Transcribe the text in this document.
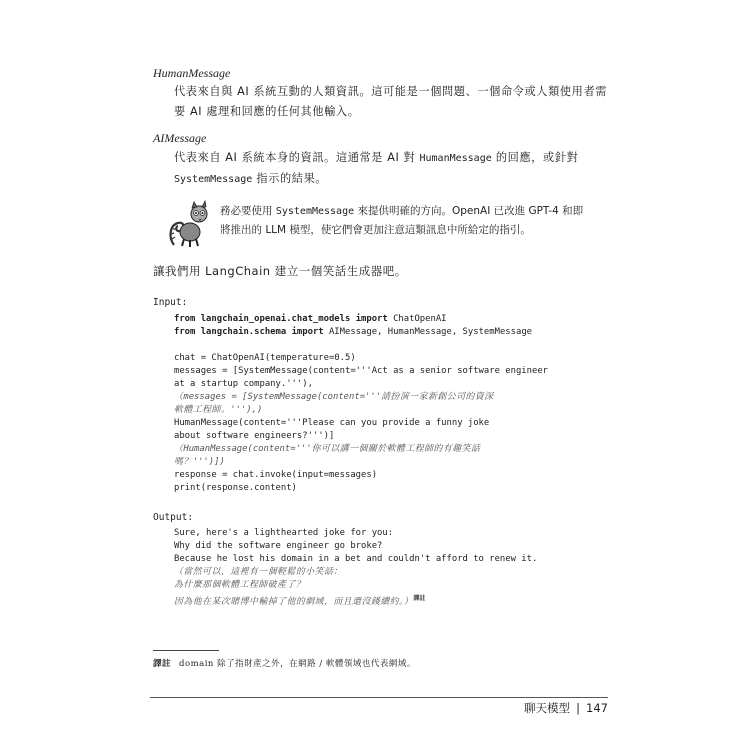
HumanMessage
代表來自與 AI 系統互動的人類資訊。這可能是一個問題、一個命令或人類使用者需
要 AI 處理和回應的任何其他輸入。
AIMessage
代表來自 AI 系統本身的資訊。這通常是 AI 對 HumanMessage 的回應，或針對
SystemMessage 指示的結果。
務必要使用 SystemMessage 來提供明確的方向。OpenAI 已改進 GPT-4 和即
將推出的 LLM 模型，使它們會更加注意這類訊息中所給定的指引。
讓我們用 LangChain 建立一個笑話生成器吧。
Input:
from langchain_openai.chat_models import ChatOpenAI
from langchain.schema import AIMessage, HumanMessage, SystemMessage
chat = ChatOpenAI(temperature=0.5)
messages = [SystemMessage(content='''Act as a senior software engineer
at a startup company.'''),
（messages = [SystemMessage(content='''請扮演一家新創公司的資深
軟體工程師。'''),)
HumanMessage(content='''Please can you provide a funny joke
about software engineers?''')]
（HumanMessage(content='''你可以講一個關於軟體工程師的有趣笑話
嗎？''')])
response = chat.invoke(input=messages)
print(response.content)
Output:
Sure, here's a lighthearted joke for you:
Why did the software engineer go broke?
Because he lost his domain in a bet and couldn't afford to renew it.
（當然可以，這裡有一個輕鬆的小笑話：
為什麼那個軟體工程師破產了？
因為他在某次賭博中輸掉了他的網域，而且還沒錢續約。）$^{譯註}$
譯註 domain 除了指財產之外，在網路 / 軟體領域也代表網域。
聊天模型 | 147
